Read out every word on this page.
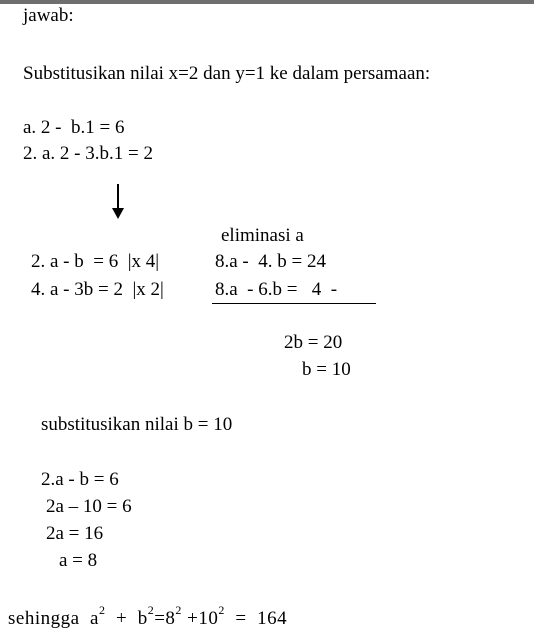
jawab:
Substitusikan nilai x=2 dan y=1 ke dalam persamaan:
a. 2 -  b.1 = 6
2. a. 2 - 3.b.1 = 2
eliminasi a
2. a - b  = 6  |x 4|	8.a -  4. b = 24
4. a - 3b = 2  |x 2|	8.a  - 6.b =   4  -
2b = 20
b = 10
substitusikan nilai b = 10
2.a - b = 6
2a – 10 = 6
2a = 16
a = 8
sehingga $a^2 + b^2=8^2 +10^2 = 164$
